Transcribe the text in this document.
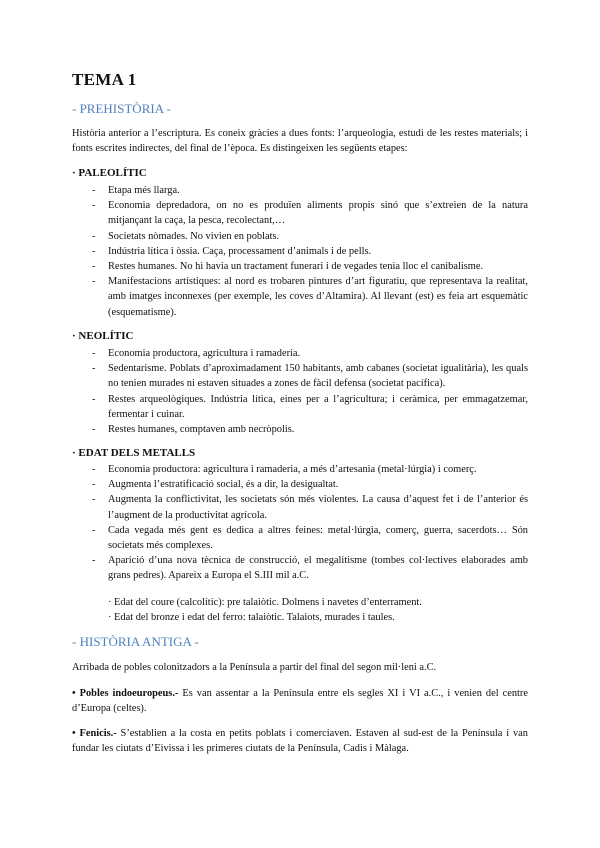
TEMA 1
- PREHISTÒRIA -
Història anterior a l’escriptura. Es coneix gràcies a dues fonts: l’arqueologia, estudi de les restes materials; i fonts escrites indirectes, del final de l’època. Es distingeixen les següents etapes:
· PALEOLÍTIC
- Etapa més llarga.
- Economia depredadora, on no es produïen aliments propis sinó que s’extreien de la natura mitjançant la caça, la pesca, recolectant,…
- Societats nòmades. No vivien en poblats.
- Indústria lítica i òssia. Caça, processament d’animals i de pells.
- Restes humanes. No hi havia un tractament funerari i de vegades tenia lloc el canibalisme.
- Manifestacions artístiques: al nord es trobaren pintures d’art figuratiu, que representava la realitat, amb imatges inconnexes (per exemple, les coves d’Altamira). Al llevant (est) es feia art esquemàtic (esquematisme).
· NEOLÍTIC
- Economia productora, agricultura i ramaderia.
- Sedentarisme. Poblats d’aproximadament 150 habitants, amb cabanes (societat igualitària), les quals no tenien murades ni estaven situades a zones de fàcil defensa (societat pacífica).
- Restes arqueològiques. Indústria lítica, eines per a l’agricultura; i ceràmica, per emmagatzemar, fermentar i cuinar.
- Restes humanes, comptaven amb necròpolis.
· EDAT DELS METALLS
- Economia productora: agricultura i ramaderia, a més d’artesania (metal·lúrgia) i comerç.
- Augmenta l’estratificació social, és a dir, la desigualtat.
- Augmenta la conflictivitat, les societats són més violentes. La causa d’aquest fet i de l’anterior és l’augment de la productivitat agrícola.
- Cada vegada més gent es dedica a altres feines: metal·lúrgia, comerç, guerra, sacerdots… Són societats més complexes.
- Aparició d’una nova tècnica de construcció, el megalitisme (tombes col·lectives elaborades amb grans pedres). Apareix a Europa el S.III mil a.C.
· Edat del coure (calcolític): pre talaiòtic. Dolmens i navetes d’enterrament.
· Edat del bronze i edat del ferro: talaiòtic. Talaiots, murades i taules.
- HISTÒRIA ANTIGA -
Arribada de pobles colonitzadors a la Península a partir del final del segon mil·leni a.C.
• Pobles indoeuropeus.- Es van assentar a la Península entre els segles XI i VI a.C., i venien del centre d’Europa (celtes).
• Fenicis.- S’establien a la costa en petits poblats i comerciaven. Estaven al sud-est de la Península i van fundar les ciutats d’Eivissa i les primeres ciutats de la Península, Cadis i Màlaga.
